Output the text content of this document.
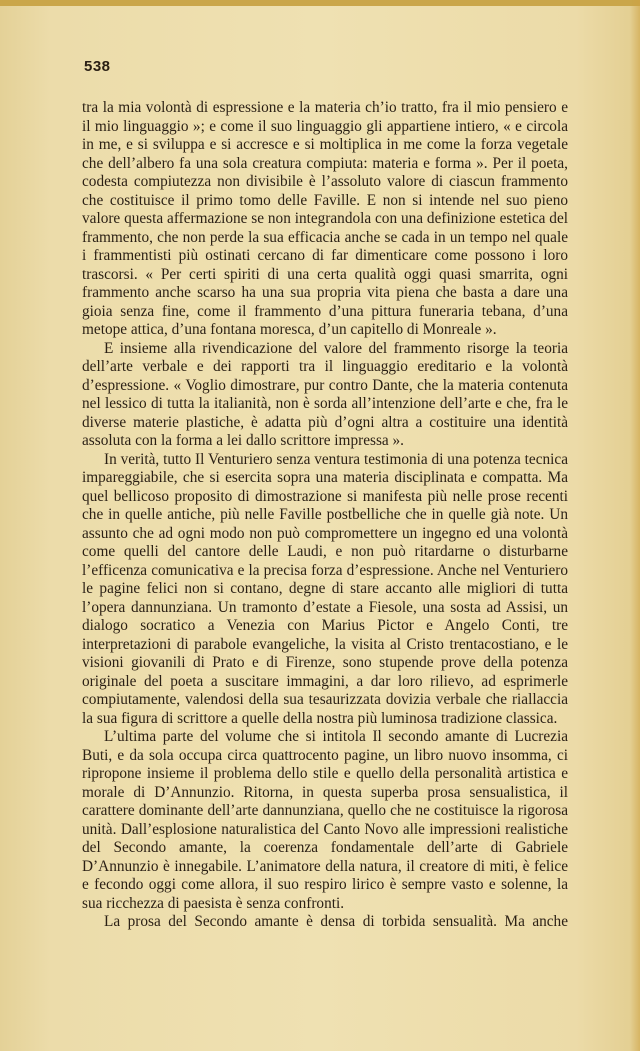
538

tra la mia volontà di espressione e la materia ch’io tratto, fra il mio pensiero e il mio linguaggio »; e come il suo linguaggio gli appartiene intiero, « e circola in me, e si sviluppa e si accresce e si moltiplica in me come la forza vegetale che dell’albero fa una sola creatura compiuta: materia e forma ». Per il poeta, codesta compiutezza non divisibile è l’assoluto valore di ciascun frammento che costituisce il primo tomo delle Faville. E non si intende nel suo pieno valore questa affermazione se non integrandola con una definizione estetica del frammento, che non perde la sua efficacia anche se cada in un tempo nel quale i frammentisti più ostinati cercano di far dimenticare come possono i loro trascorsi. « Per certi spiriti di una certa qualità oggi quasi smarrita, ogni frammento anche scarso ha una sua propria vita piena che basta a dare una gioia senza fine, come il frammento d’una pittura funeraria tebana, d’una metope attica, d’una fontana moresca, d’un capitello di Monreale ».

E insieme alla rivendicazione del valore del frammento risorge la teoria dell’arte verbale e dei rapporti tra il linguaggio ereditario e la volontà d’espressione. « Voglio dimostrare, pur contro Dante, che la materia contenuta nel lessico di tutta la italianità, non è sorda all’intenzione dell’arte e che, fra le diverse materie plastiche, è adatta più d’ogni altra a costituire una identità assoluta con la forma a lei dallo scrittore impressa ».

In verità, tutto Il Venturiero senza ventura testimonia di una potenza tecnica impareggiabile, che si esercita sopra una materia disciplinata e compatta. Ma quel bellicoso proposito di dimostrazione si manifesta più nelle prose recenti che in quelle antiche, più nelle Faville postbelliche che in quelle già note. Un assunto che ad ogni modo non può compromettere un ingegno ed una volontà come quelli del cantore delle Laudi, e non può ritardarne o disturbarne l’efficenza comunicativa e la precisa forza d’espressione. Anche nel Venturiero le pagine felici non si contano, degne di stare accanto alle migliori di tutta l’opera dannunziana. Un tramonto d’estate a Fiesole, una sosta ad Assisi, un dialogo socratico a Venezia con Marius Pictor e Angelo Conti, tre interpretazioni di parabole evangeliche, la visita al Cristo trentacostiano, e le visioni giovanili di Prato e di Firenze, sono stupende prove della potenza originale del poeta a suscitare immagini, a dar loro rilievo, ad esprimerle compiutamente, valendosi della sua tesaurizzata dovizia verbale che riallaccia la sua figura di scrittore a quelle della nostra più luminosa tradizione classica.

L’ultima parte del volume che si intitola Il secondo amante di Lucrezia Buti, e da sola occupa circa quattrocento pagine, un libro nuovo insomma, ci ripropone insieme il problema dello stile e quello della personalità artistica e morale di D’Annunzio. Ritorna, in questa superba prosa sensualistica, il carattere dominante dell’arte dannunziana, quello che ne costituisce la rigorosa unità. Dall’esplosione naturalistica del Canto Novo alle impressioni realistiche del Secondo amante, la coerenza fondamentale dell’arte di Gabriele D’Annunzio è innegabile. L’animatore della natura, il creatore di miti, è felice e fecondo oggi come allora, il suo respiro lirico è sempre vasto e solenne, la sua ricchezza di paesista è senza confronti.

La prosa del Secondo amante è densa di torbida sensualità. Ma anche
